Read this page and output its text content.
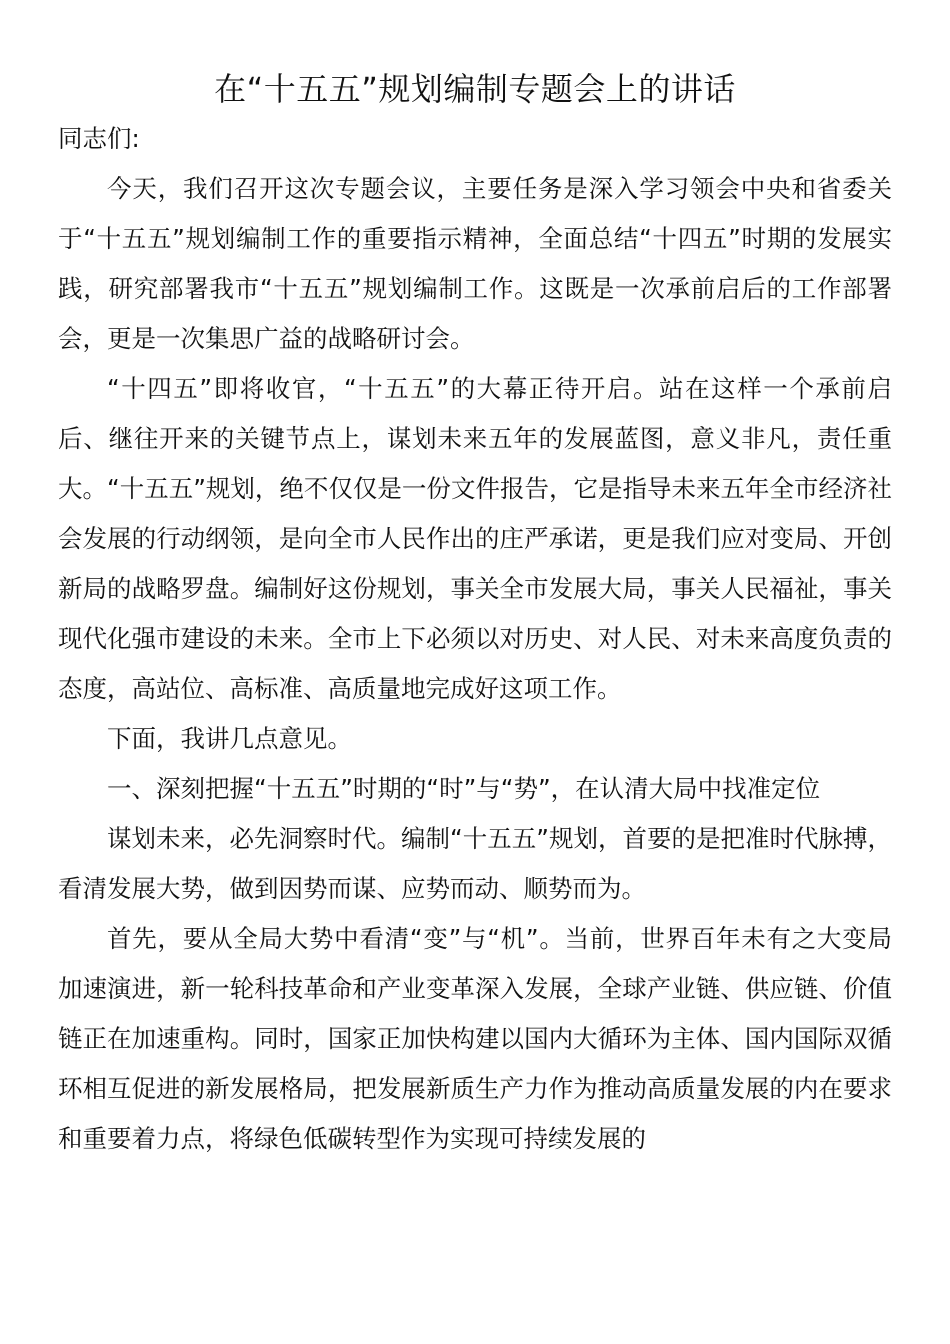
在“十五五”规划编制专题会上的讲话

同志们:

今天，我们召开这次专题会议，主要任务是深入学习领会中央和省委关于“十五五”规划编制工作的重要指示精神，全面总结“十四五”时期的发展实践，研究部署我市“十五五”规划编制工作。这既是一次承前启后的工作部署会，更是一次集思广益的战略研讨会。

“十四五”即将收官，“十五五”的大幕正待开启。站在这样一个承前启后、继往开来的关键节点上，谋划未来五年的发展蓝图，意义非凡，责任重大。“十五五”规划，绝不仅仅是一份文件报告，它是指导未来五年全市经济社会发展的行动纲领，是向全市人民作出的庄严承诺，更是我们应对变局、开创新局的战略罗盘。编制好这份规划，事关全市发展大局，事关人民福祉，事关现代化强市建设的未来。全市上下必须以对历史、对人民、对未来高度负责的态度，高站位、高标准、高质量地完成好这项工作。

下面，我讲几点意见。

一、深刻把握“十五五”时期的“时”与“势”，在认清大局中找准定位

谋划未来，必先洞察时代。编制“十五五”规划，首要的是把准时代脉搏，看清发展大势，做到因势而谋、应势而动、顺势而为。

首先，要从全局大势中看清“变”与“机”。当前，世界百年未有之大变局加速演进，新一轮科技革命和产业变革深入发展，全球产业链、供应链、价值链正在加速重构。同时，国家正加快构建以国内大循环为主体、国内国际双循环相互促进的新发展格局，把发展新质生产力作为推动高质量发展的内在要求和重要着力点，将绿色低碳转型作为实现可持续发展的
